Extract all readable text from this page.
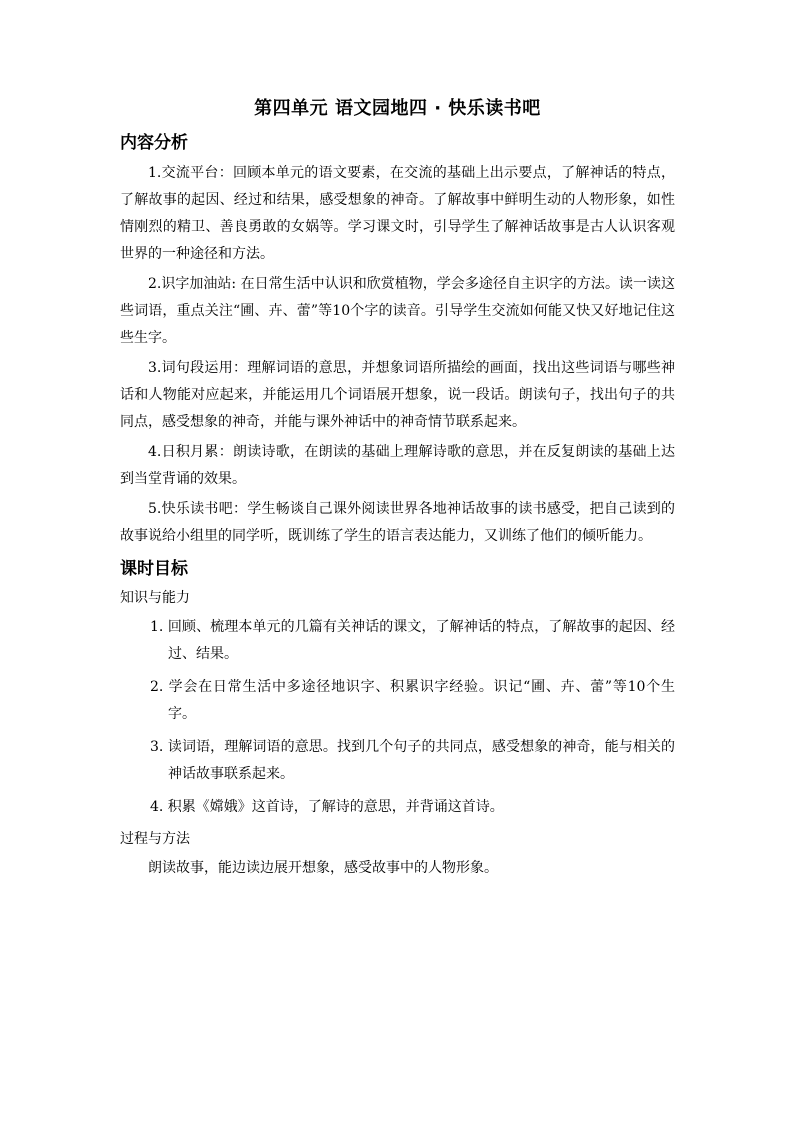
第四单元 语文园地四 · 快乐读书吧
内容分析

1.交流平台：回顾本单元的语文要素，在交流的基础上出示要点，了解神话的特点，了解故事的起因、经过和结果，感受想象的神奇。了解故事中鲜明生动的人物形象，如性情刚烈的精卫、善良勇敢的女娲等。学习课文时，引导学生了解神话故事是古人认识客观世界的一种途径和方法。

2.识字加油站: 在日常生活中认识和欣赏植物，学会多途径自主识字的方法。读一读这些词语，重点关注“圃、卉、蕾”等10个字的读音。引导学生交流如何能又快又好地记住这些生字。

3.词句段运用：理解词语的意思，并想象词语所描绘的画面，找出这些词语与哪些神话和人物能对应起来，并能运用几个词语展开想象，说一段话。朗读句子，找出句子的共同点，感受想象的神奇，并能与课外神话中的神奇情节联系起来。

4.日积月累：朗读诗歌，在朗读的基础上理解诗歌的意思，并在反复朗读的基础上达到当堂背诵的效果。

5.快乐读书吧：学生畅谈自己课外阅读世界各地神话故事的读书感受，把自己读到的故事说给小组里的同学听，既训练了学生的语言表达能力，又训练了他们的倾听能力。

课时目标
知识与能力
1. 回顾、梳理本单元的几篇有关神话的课文，了解神话的特点，了解故事的起因、经过、结果。
2. 学会在日常生活中多途径地识字、积累识字经验。识记“圃、卉、蕾”等10个生字。
3. 读词语，理解词语的意思。找到几个句子的共同点，感受想象的神奇，能与相关的神话故事联系起来。
4. 积累《嫦娥》这首诗，了解诗的意思，并背诵这首诗。
过程与方法

朗读故事，能边读边展开想象，感受故事中的人物形象。
